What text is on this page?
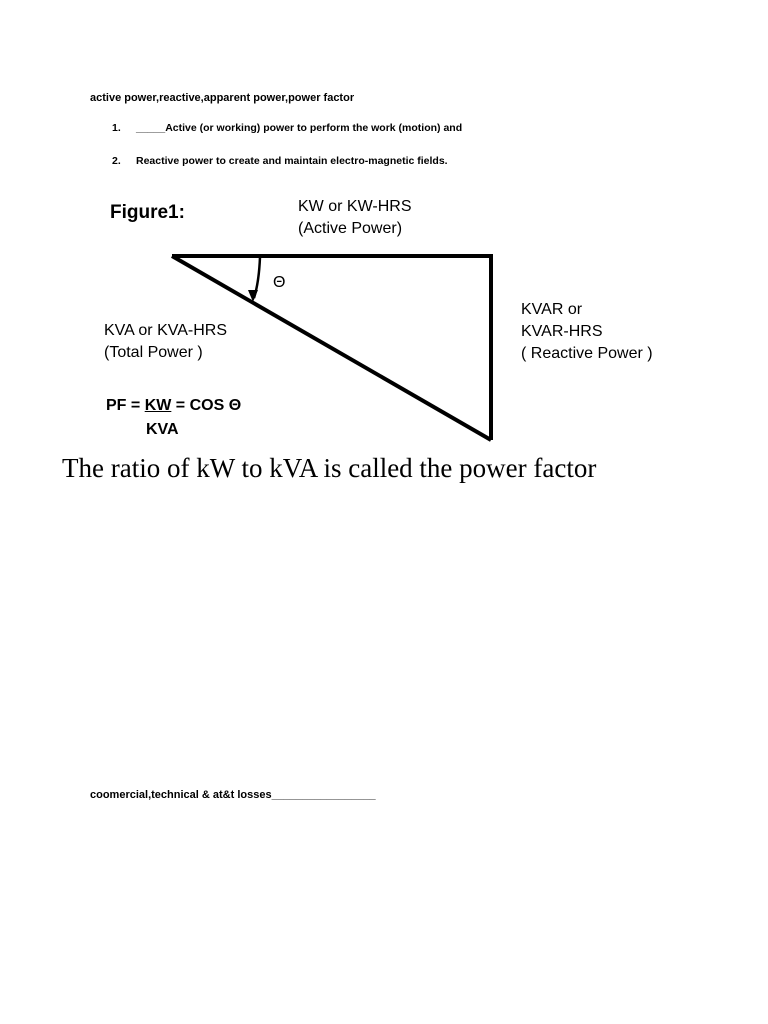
active power,reactive,apparent power,power factor
1. _____Active (or working) power to perform the work (motion) and
2. Reactive power to create and maintain electro-magnetic fields.
Figure1:	KW or KW-HRS
(Active Power)
KVA or KVA-HRS
(Total Power )
KVAR or
KVAR-HRS
( Reactive Power )
Θ
PF = KW = COS Θ
KVA
The ratio of kW to kVA is called the power factor
coomercial,technical & at&t losses_________________
